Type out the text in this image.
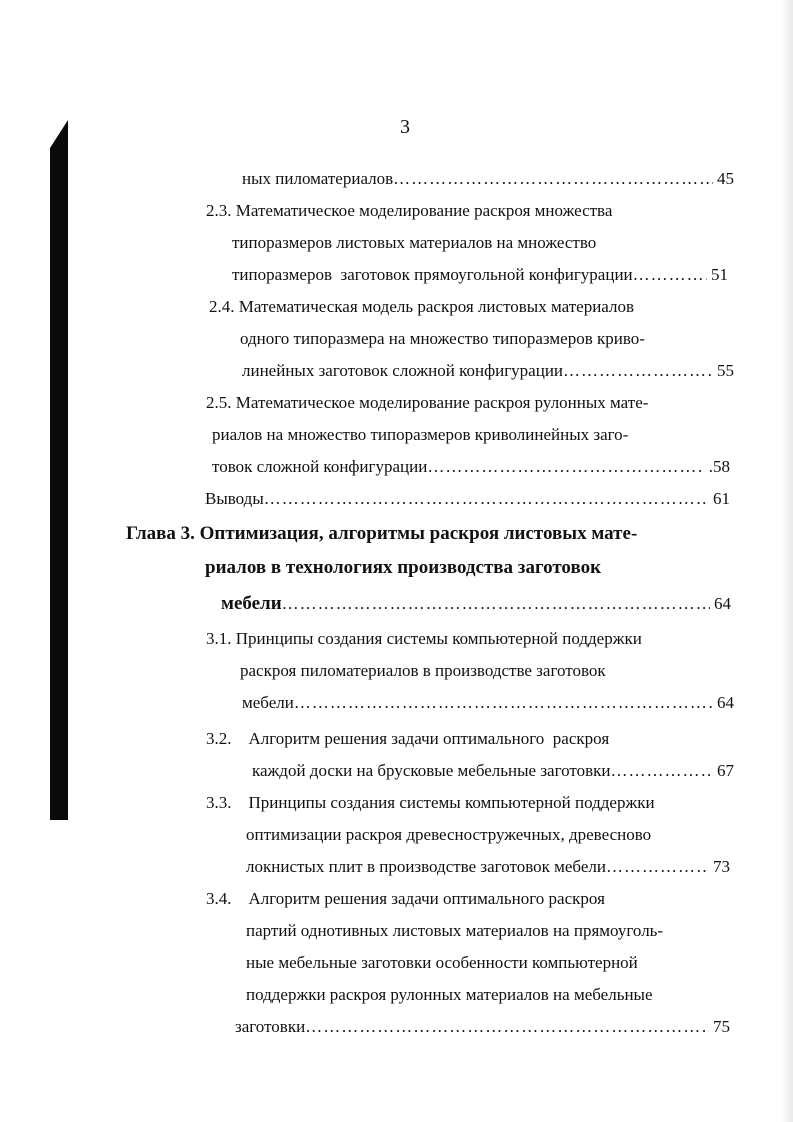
3
ных пиломатериалов …………………………………………………………………………………………………………………………………………	45
2.3. Математическое моделирование раскроя множества
типоразмеров листовых материалов на множество
типоразмеров  заготовок прямоугольной конфигурации …………………………………………………………………………………………………………………………………………	51
2.4. Математическая модель раскроя листовых материалов
одного типоразмера на множество типоразмеров криво-
линейных заготовок сложной конфигурации …………………………………………………………………………………………………………………………………………	55
2.5. Математическое моделирование раскроя рулонных мате-
риалов на множество типоразмеров криволинейных заго-
товок сложной конфигурации …………………………………………………………………………………………………………………………………………	.58
Выводы …………………………………………………………………………………………………………………………………………	61
Глава 3. Оптимизация, алгоритмы раскроя листовых мате-
риалов в технологиях производства заготовок
мебели …………………………………………………………………………………………………………………………………………	64
3.1. Принципы создания системы компьютерной поддержки
раскроя пиломатериалов в производстве заготовок
мебели …………………………………………………………………………………………………………………………………………	64
3.2.    Алгоритм решения задачи оптимального  раскроя
каждой доски на брусковые мебельные заготовки …………………………………………………………………………………………………………………………………………	67
3.3.    Принципы создания системы компьютерной поддержки
оптимизации раскроя древесностружечных, древесново
локнистых плит в производстве заготовок мебели …………………………………………………………………………………………………………………………………………	73
3.4.    Алгоритм решения задачи оптимального раскроя
партий однотивных листовых материалов на прямоуголь-
ные мебельные заготовки особенности компьютерной
поддержки раскроя рулонных материалов на мебельные
заготовки …………………………………………………………………………………………………………………………………………	75
